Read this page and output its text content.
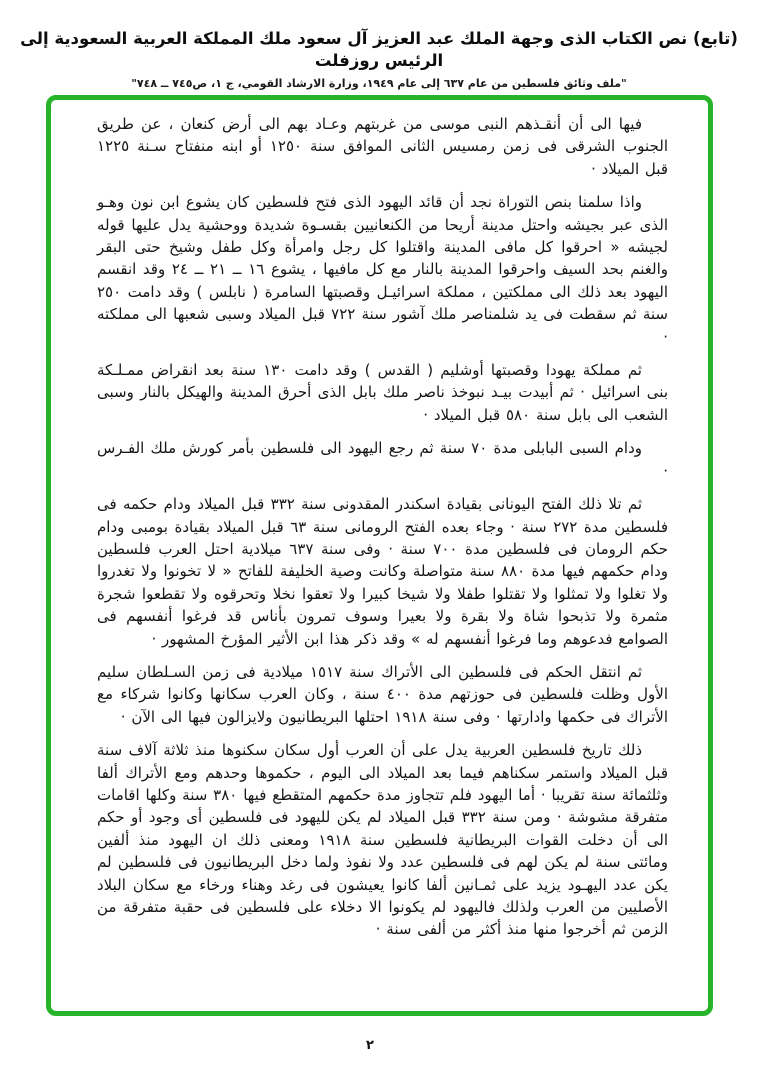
(تابع) نص الكتاب الذى وجهة الملك عبد العزيز آل سعود ملك المملكة العربية السعودية إلى الرئيس روزفلت
"ملف وثائق فلسطين من عام ٦٣٧ إلى عام ١٩٤٩، وزارة الارشاد القومي، ج ١، ص٧٤٥ ــ ٧٤٨"

فيها الى أن أنقـذهم النبى موسى من غربتهم وعـاد بهم الى أرض كنعان ، عن طريق الجنوب الشرقى فى زمن رمسيس الثانى الموافق سنة ١٢٥٠ أو ابنه منفتاح سـنة ١٢٢٥ قبل الميلاد ·

واذا سلمنا بنص التوراة نجد أن قائد اليهود الذى فتح فلسطين كان يشوع ابن نون وهـو الذى عبر بجيشه واحتل مدينة أريحا من الكنعانيين بقسـوة شديدة ووحشية يدل عليها قوله لجيشه « احرقوا كل مافى المدينة واقتلوا كل رجل وامرأة وكل طفل وشيخ حتى البقر والغنم بحد السيف واحرقوا المدينة بالنار مع كل مافيها ، يشوع ١٦ ــ ٢١ ــ ٢٤ وقد انقسم اليهود بعد ذلك الى مملكتين ، مملكة اسرائيـل وقصبتها السامرة ( نابلس ) وقد دامت ٢٥٠ سنة ثم سقطت فى يد شلمناصر ملك آشور سنة ٧٢٢ قبل الميلاد وسبى شعبها الى مملكته ·

ثم مملكة يهودا وقصبتها أوشليم ( القدس ) وقد دامت ١٣٠ سنة بعد انقراض ممـلـكة بنى اسرائيل · ثم أبيدت بيـد نبوخذ ناصر ملك بابل الذى أحرق المدينة والهيكل بالنار وسبى الشعب الى بابل سنة ٥٨٠ قبل الميلاد ·

ودام السبى البابلى مدة ٧٠ سنة ثم رجع اليهود الى فلسطين بأمر كورش ملك الفـرس ·

ثم تلا ذلك الفتح اليونانى بقيادة اسكندر المقدونى سنة ٣٣٢ قبل الميلاد ودام حكمه فى فلسطين مدة ٢٧٢ سنة · وجاء بعده الفتح الرومانى سنة ٦٣ قبل الميلاد بقيادة بومبى ودام حكم الرومان فى فلسطين مدة ٧٠٠ سنة · وفى سنة ٦٣٧ ميلادية احتل العرب فلسطين ودام حكمهم فيها مدة ٨٨٠ سنة متواصلة وكانت وصية الخليفة للفاتح « لا تخونوا ولا تغدروا ولا تغلوا ولا تمثلوا ولا تقتلوا طفلا ولا شيخا كبيرا ولا تعقوا نخلا وتحرقوه ولا تقطعوا شجرة مثمرة ولا تذبحوا شاة ولا بقرة ولا بعيرا وسوف تمرون بأناس قد فرغوا أنفسهم فى الصوامع فدعوهم وما فرغوا أنفسهم له » وقد ذكر هذا ابن الأثير المؤرخ المشهور ·

ثم انتقل الحكم فى فلسطين الى الأتراك سنة ١٥١٧ ميلادية فى زمن السـلطان سليم الأول وظلت فلسطين فى حوزتهم مدة ٤٠٠ سنة ، وكان العرب سكانها وكانوا شركاء مع الأتراك فى حكمها وادارتها · وفى سنة ١٩١٨ احتلها البريطانيون ولايزالون فيها الى الآن ·

ذلك تاريخ فلسطين العربية يدل على أن العرب أول سكان سكنوها منذ ثلاثة آلاف سنة قبل الميلاد واستمر سكناهم فيما بعد الميلاد الى اليوم ، حكموها وحدهم ومع الأتراك ألفا وثلثمائة سنة تقريبا · أما اليهود فلم تتجاوز مدة حكمهم المتقطع فيها ٣٨٠ سنة وكلها اقامات متفرقة مشوشة · ومن سنة ٣٣٢ قبل الميلاد لم يكن لليهود فى فلسطين أى وجود أو حكم الى أن دخلت القوات البريطانية فلسطين سنة ١٩١٨ ومعنى ذلك ان اليهود منذ ألفين ومائتى سنة لم يكن لهم فى فلسطين عدد ولا نفوذ ولما دخل البريطانيون فى فلسطين لم يكن عدد اليهـود يزيد على ثمـانين ألفا كانوا يعيشون فى رغد وهناء ورخاء مع سكان البلاد الأصليين من العرب ولذلك فاليهود لم يكونوا الا دخلاء على فلسطين فى حقبة متفرقة من الزمن ثم أخرجوا منها منذ أكثر من ألفى سنة ·

٢
